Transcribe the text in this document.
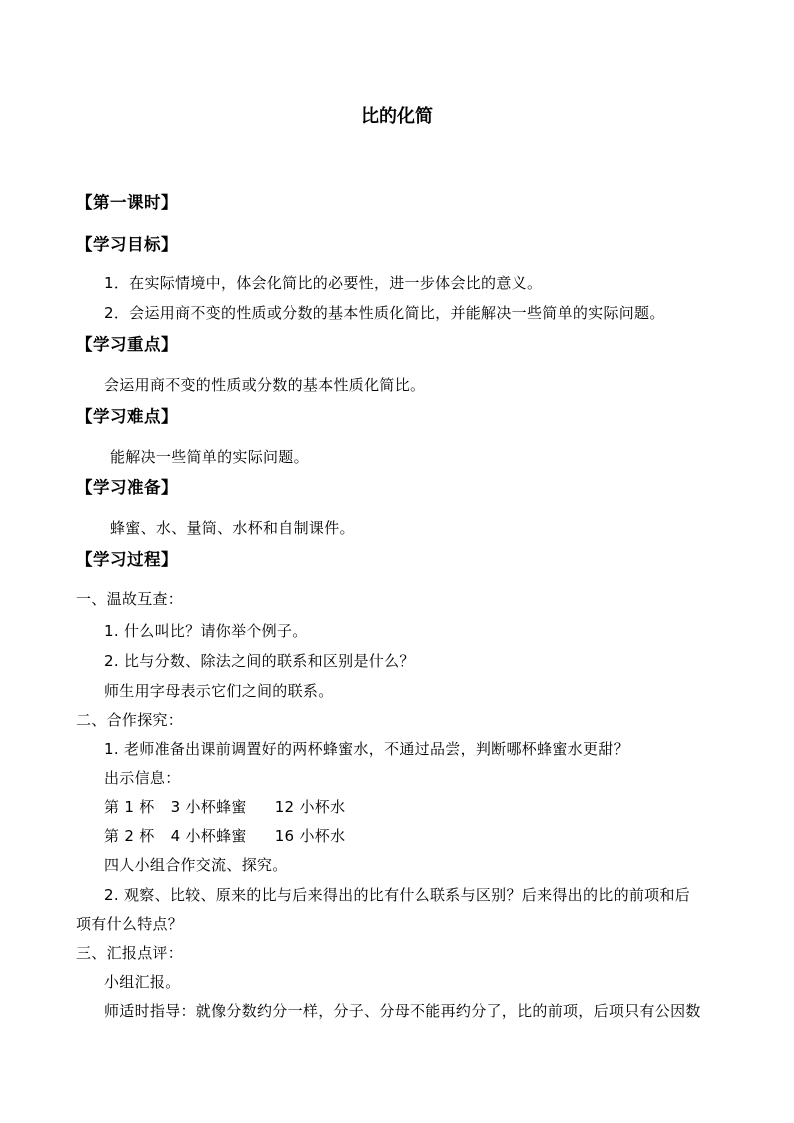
比的化简
【第一课时】
【学习目标】
1．在实际情境中，体会化简比的必要性，进一步体会比的意义。
2．会运用商不变的性质或分数的基本性质化简比，并能解决一些简单的实际问题。
【学习重点】
会运用商不变的性质或分数的基本性质化简比。
【学习难点】
能解决一些简单的实际问题。
【学习准备】
蜂蜜、水、量筒、水杯和自制课件。
【学习过程】
一、温故互查：
1. 什么叫比？请你举个例子。
2. 比与分数、除法之间的联系和区别是什么？
师生用字母表示它们之间的联系。
二、合作探究：
1. 老师准备出课前调置好的两杯蜂蜜水，不通过品尝，判断哪杯蜂蜜水更甜？
出示信息：
第 1 杯 3 小杯蜂蜜 12 小杯水
第 2 杯 4 小杯蜂蜜 16 小杯水
四人小组合作交流、探究。
2. 观察、比较、原来的比与后来得出的比有什么联系与区别？后来得出的比的前项和后
项有什么特点？
三、汇报点评：
小组汇报。
师适时指导：就像分数约分一样，分子、分母不能再约分了，比的前项，后项只有公因数
